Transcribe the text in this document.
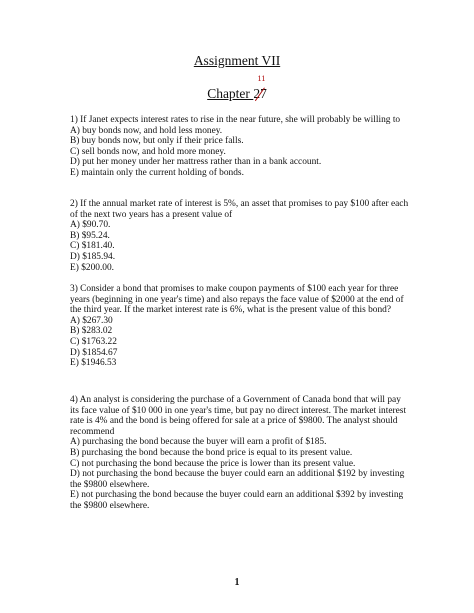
Assignment VII
Chapter 27
11

1) If Janet expects interest rates to rise in the near future, she will probably be willing to

A) buy bonds now, and hold less money.

B) buy bonds now, but only if their price falls.

C) sell bonds now, and hold more money.

D) put her money under her mattress rather than in a bank account.

E) maintain only the current holding of bonds.

2) If the annual market rate of interest is 5%, an asset that promises to pay $100 after each of the next two years has a present value of

A) $90.70.

B) $95.24.

C) $181.40.

D) $185.94.

E) $200.00.

3) Consider a bond that promises to make coupon payments of $100 each year for three years (beginning in one year's time) and also repays the face value of $2000 at the end of the third year. If the market interest rate is 6%, what is the present value of this bond?

A) $267.30

B) $283.02

C) $1763.22

D) $1854.67

E) $1946.53

4) An analyst is considering the purchase of a Government of Canada bond that will pay its face value of $10 000 in one year's time, but pay no direct interest. The market interest rate is 4% and the bond is being offered for sale at a price of $9800. The analyst should recommend

A) purchasing the bond because the buyer will earn a profit of $185.

B) purchasing the bond because the bond price is equal to its present value.

C) not purchasing the bond because the price is lower than its present value.

D) not purchasing the bond because the buyer could earn an additional $192 by investing the $9800 elsewhere.

E) not purchasing the bond because the buyer could earn an additional $392 by investing the $9800 elsewhere.

1
